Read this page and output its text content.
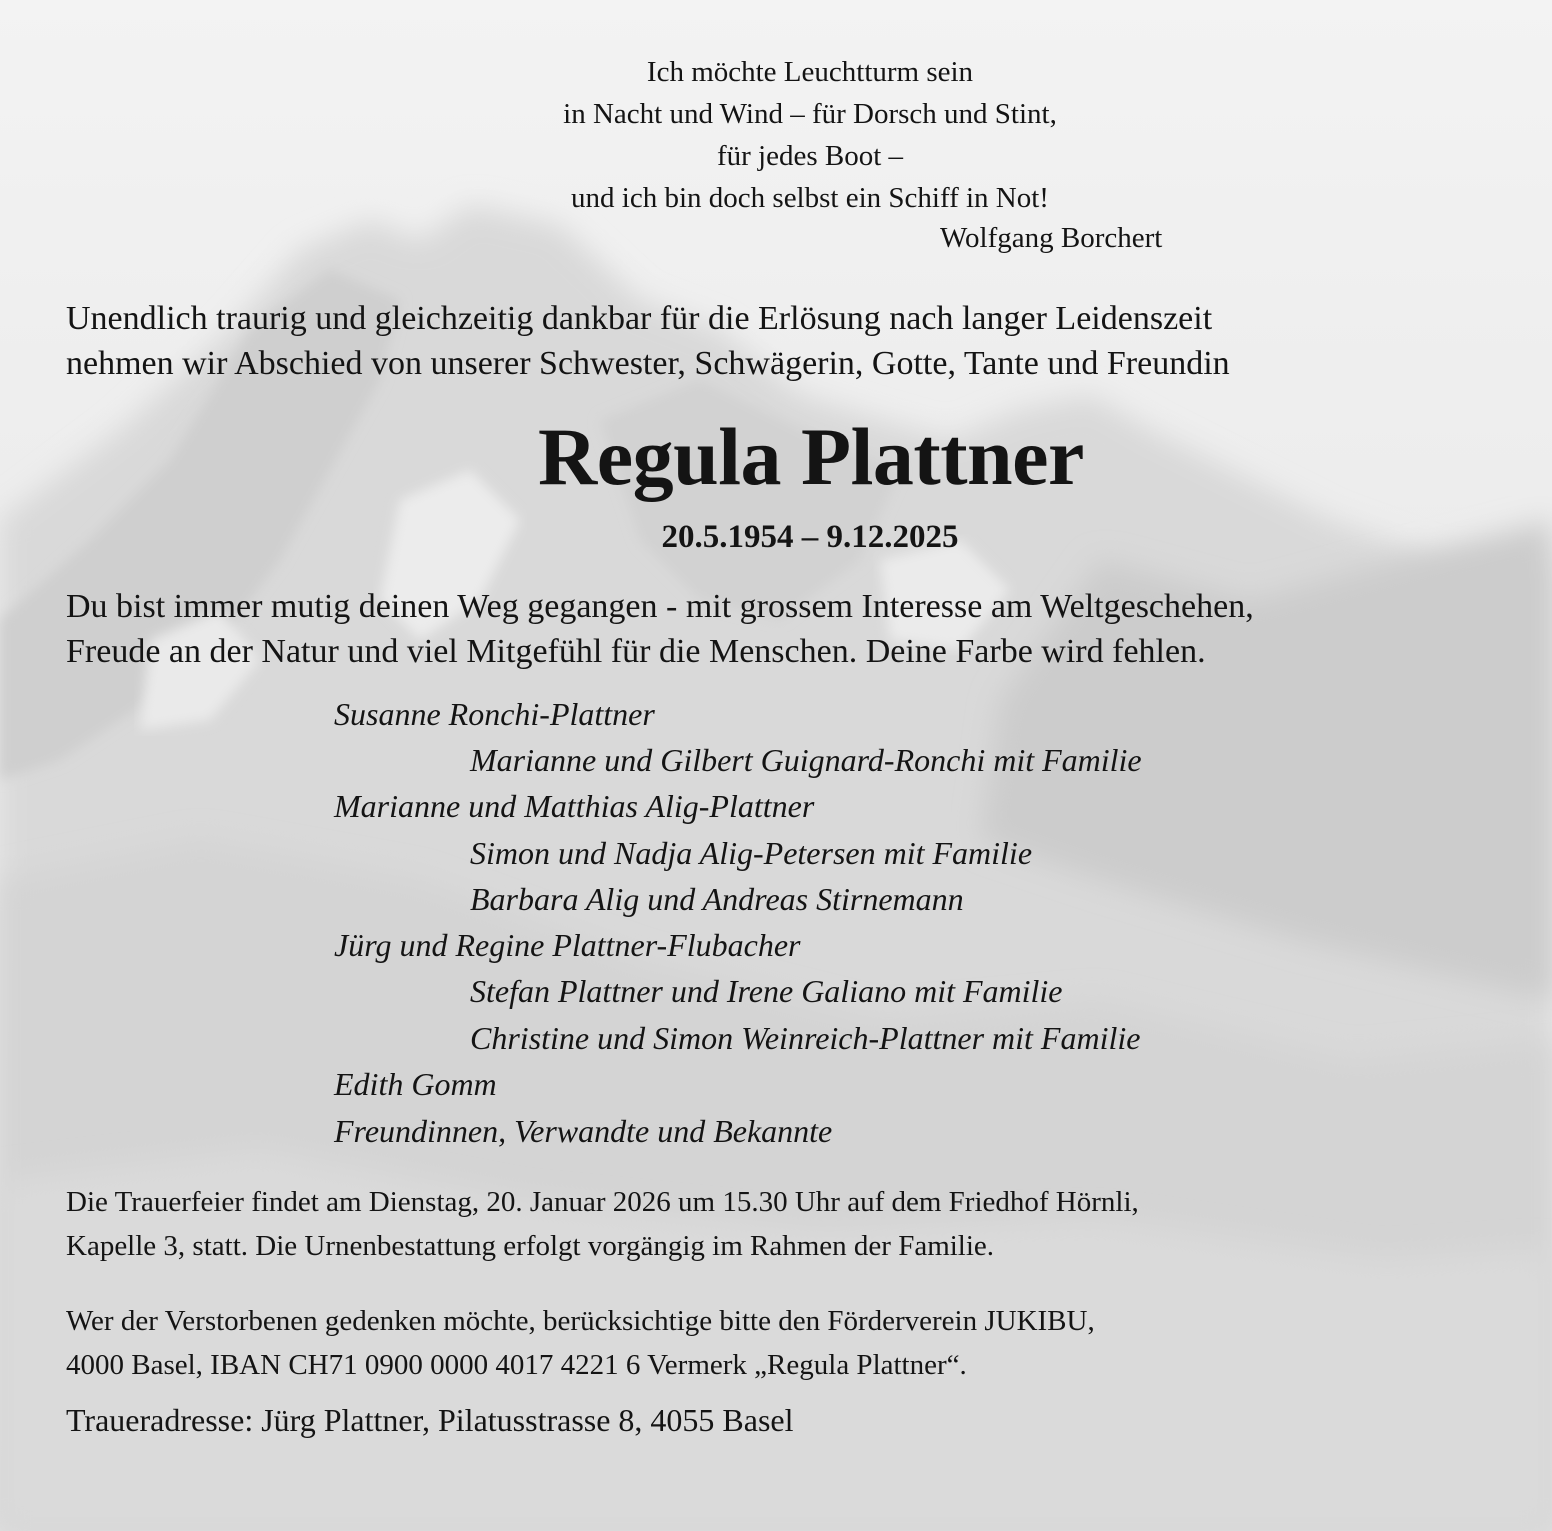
Ich möchte Leuchtturm sein
in Nacht und Wind – für Dorsch und Stint,
für jedes Boot –
und ich bin doch selbst ein Schiff in Not!

Wolfgang Borchert

Unendlich traurig und gleichzeitig dankbar für die Erlösung nach langer Leidenszeit
nehmen wir Abschied von unserer Schwester, Schwägerin, Gotte, Tante und Freundin

Regula Plattner

20.5.1954 – 9.12.2025

Du bist immer mutig deinen Weg gegangen - mit grossem Interesse am Weltgeschehen,
Freude an der Natur und viel Mitgefühl für die Menschen. Deine Farbe wird fehlen.

Susanne Ronchi-Plattner

Marianne und Gilbert Guignard-Ronchi mit Familie

Marianne und Matthias Alig-Plattner

Simon und Nadja Alig-Petersen mit Familie

Barbara Alig und Andreas Stirnemann

Jürg und Regine Plattner-Flubacher

Stefan Plattner und Irene Galiano mit Familie

Christine und Simon Weinreich-Plattner mit Familie

Edith Gomm

Freundinnen, Verwandte und Bekannte

Die Trauerfeier findet am Dienstag, 20. Januar 2026 um 15.30 Uhr auf dem Friedhof Hörnli,
Kapelle 3, statt. Die Urnenbestattung erfolgt vorgängig im Rahmen der Familie.
Wer der Verstorbenen gedenken möchte, berücksichtige bitte den Förderverein JUKIBU,
4000 Basel, IBAN CH71 0900 0000 4017 4221 6 Vermerk „Regula Plattner“.

Traueradresse: Jürg Plattner, Pilatusstrasse 8, 4055 Basel
